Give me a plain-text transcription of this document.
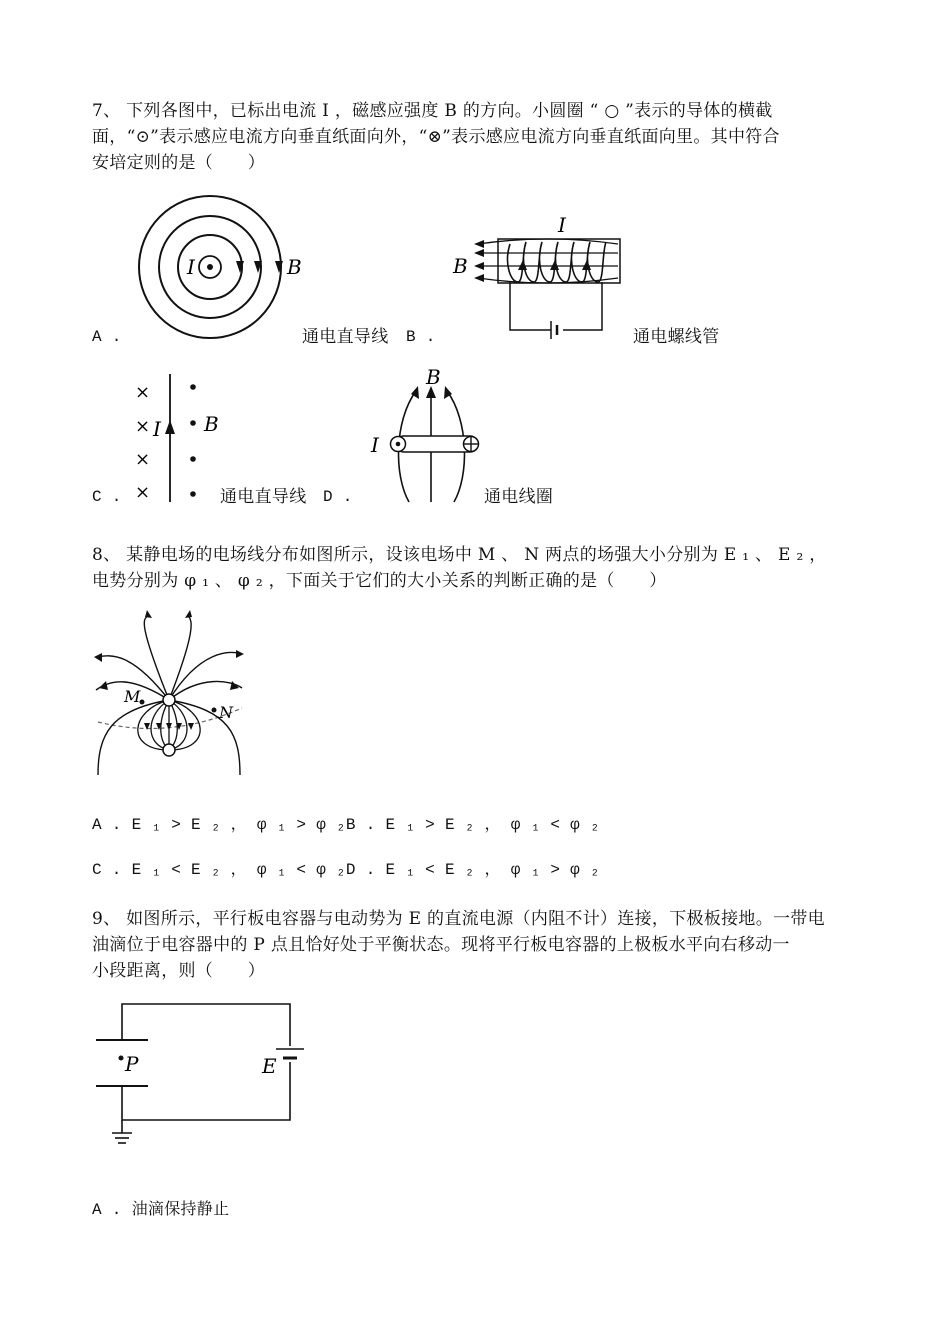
7、 下列各图中，已标出电流 I ，磁感应强度 B 的方向。小圆圈 “ ○ ”表示的导体的横截
面，“⊙”表示感应电流方向垂直纸面向外，“⊗”表示感应电流方向垂直纸面向里。其中符合
安培定则的是（　　）
I	B
A .	通电直导线 B .
I
B
通电螺线管
×
×
×
×
I B
C .	通电直导线 D .
B
I
通电线圈
8、 某静电场的电场线分布如图所示，设该电场中 M 、 N 两点的场强大小分别为 E ₁ 、 E ₂ ，
电势分别为 φ ₁ 、 φ ₂ ，下面关于它们的大小关系的判断正确的是（　　）
M
N
A . E ₁ > E ₂ ， φ ₁ > φ ₂B . E ₁ > E ₂ ， φ ₁ < φ ₂
C . E ₁ < E ₂ ， φ ₁ < φ ₂D . E ₁ < E ₂ ， φ ₁ > φ ₂
9、 如图所示，平行板电容器与电动势为 E 的直流电源（内阻不计）连接，下极板接地。一带电
油滴位于电容器中的 P 点且恰好处于平衡状态。现将平行板电容器的上极板水平向右移动一
小段距离，则（　　）
P	E
A . 油滴保持静止
